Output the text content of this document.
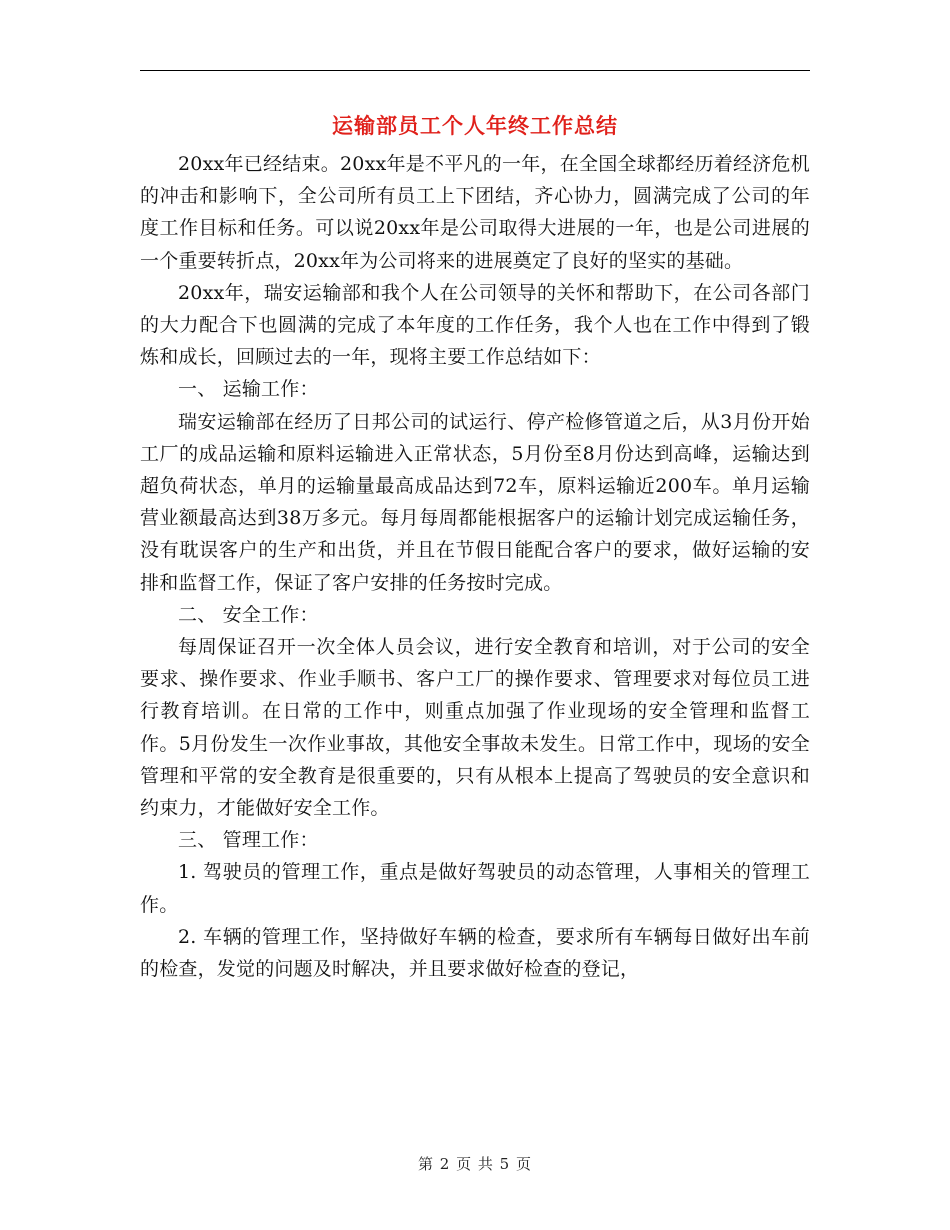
运输部员工个人年终工作总结

20xx年已经结束。20xx年是不平凡的一年，在全国全球都经历着经济危机的冲击和影响下，全公司所有员工上下团结，齐心协力，圆满完成了公司的年度工作目标和任务。可以说20xx年是公司取得大进展的一年，也是公司进展的一个重要转折点，20xx年为公司将来的进展奠定了良好的坚实的基础。

20xx年，瑞安运输部和我个人在公司领导的关怀和帮助下，在公司各部门的大力配合下也圆满的完成了本年度的工作任务，我个人也在工作中得到了锻炼和成长，回顾过去的一年，现将主要工作总结如下：

一、 运输工作：

瑞安运输部在经历了日邦公司的试运行、停产检修管道之后，从3月份开始工厂的成品运输和原料运输进入正常状态，5月份至8月份达到高峰，运输达到超负荷状态，单月的运输量最高成品达到72车，原料运输近200车。单月运输营业额最高达到38万多元。每月每周都能根据客户的运输计划完成运输任务，没有耽误客户的生产和出货，并且在节假日能配合客户的要求，做好运输的安排和监督工作，保证了客户安排的任务按时完成。

二、 安全工作：

每周保证召开一次全体人员会议，进行安全教育和培训，对于公司的安全要求、操作要求、作业手顺书、客户工厂的操作要求、管理要求对每位员工进行教育培训。在日常的工作中，则重点加强了作业现场的安全管理和监督工作。5月份发生一次作业事故，其他安全事故未发生。日常工作中，现场的安全管理和平常的安全教育是很重要的，只有从根本上提高了驾驶员的安全意识和约束力，才能做好安全工作。

三、 管理工作：

1. 驾驶员的管理工作，重点是做好驾驶员的动态管理，人事相关的管理工作。

2. 车辆的管理工作，坚持做好车辆的检查，要求所有车辆每日做好出车前的检查，发觉的问题及时解决，并且要求做好检查的登记，

第 2 页 共 5 页
